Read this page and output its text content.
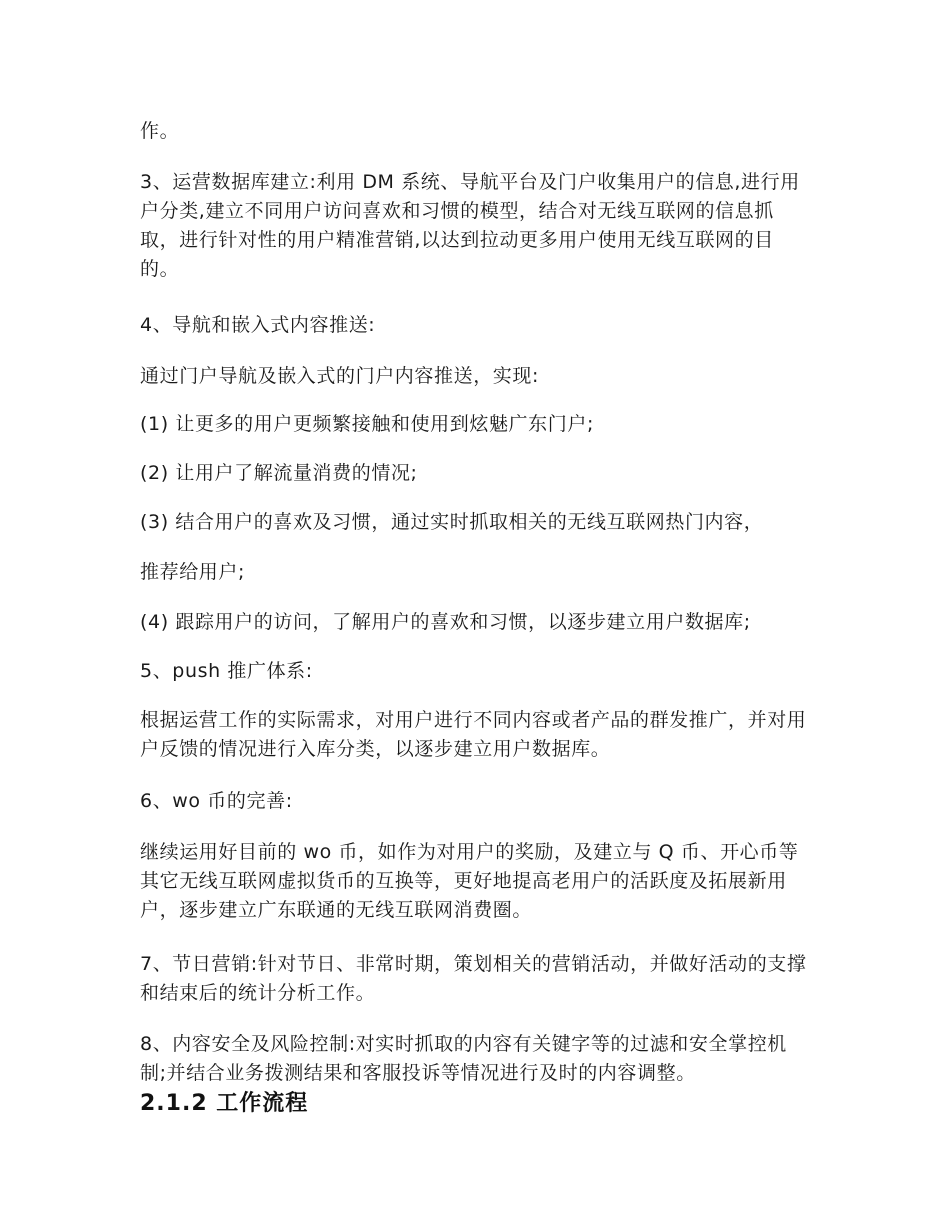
作。

3、运营数据库建立:利用 DM 系统、导航平台及门户收集用户的信息,进行用户分类,建立不同用户访问喜欢和习惯的模型，结合对无线互联网的信息抓取，进行针对性的用户精准营销,以达到拉动更多用户使用无线互联网的目的。

4、导航和嵌入式内容推送:

通过门户导航及嵌入式的门户内容推送，实现:

(1) 让更多的用户更频繁接触和使用到炫魅广东门户;

(2) 让用户了解流量消费的情况;

(3) 结合用户的喜欢及习惯，通过实时抓取相关的无线互联网热门内容，

推荐给用户;

(4) 跟踪用户的访问，了解用户的喜欢和习惯，以逐步建立用户数据库;

5、push 推广体系:

根据运营工作的实际需求，对用户进行不同内容或者产品的群发推广，并对用户反馈的情况进行入库分类，以逐步建立用户数据库。

6、wo 币的完善:

继续运用好目前的 wo 币，如作为对用户的奖励，及建立与 Q 币、开心币等其它无线互联网虚拟货币的互换等，更好地提高老用户的活跃度及拓展新用户，逐步建立广东联通的无线互联网消费圈。

7、节日营销:针对节日、非常时期，策划相关的营销活动，并做好活动的支撑和结束后的统计分析工作。

8、内容安全及风险控制:对实时抓取的内容有关键字等的过滤和安全掌控机制;并结合业务拨测结果和客服投诉等情况进行及时的内容调整。

2.1.2 工作流程
